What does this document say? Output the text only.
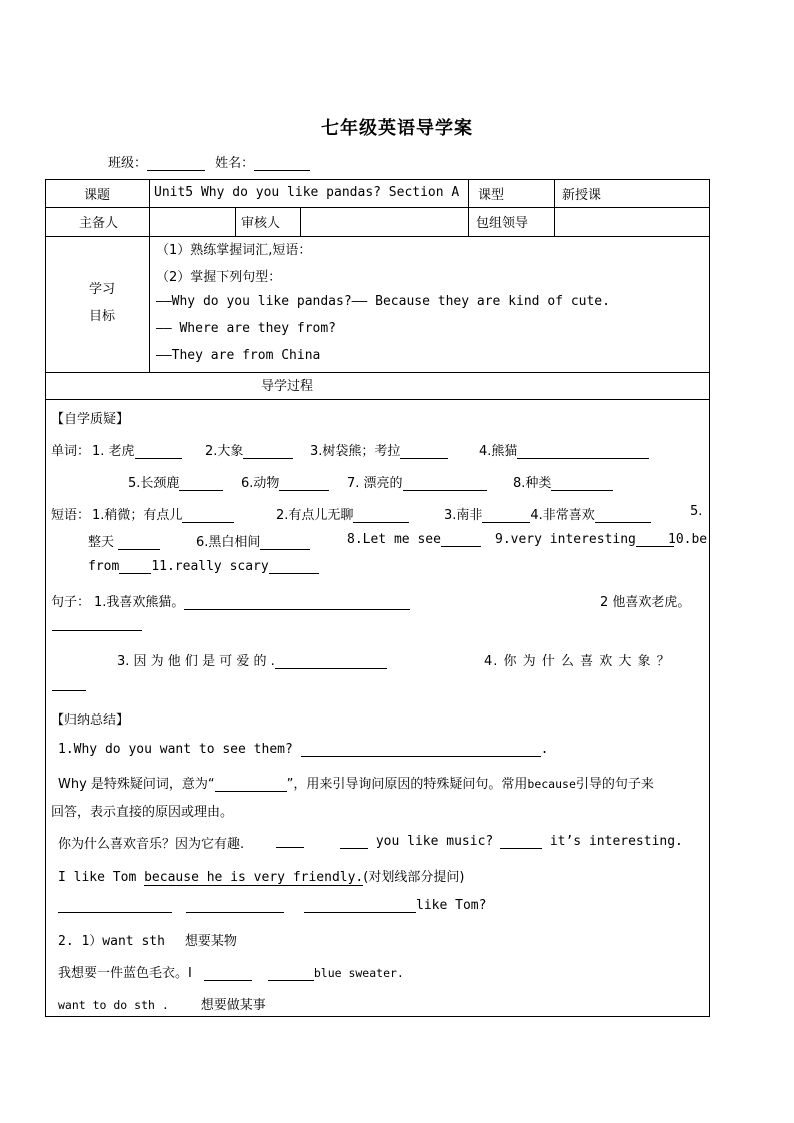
七年级英语导学案
班级：	姓名：
课题	Unit5 Why do you like pandas? Section A 课型	新授课
主备人	审核人	包组领导
学习
目标
（1）熟练掌握词汇,短语：
（2）掌握下列句型：
——Why do you like pandas?—— Because they are kind of cute.
—— Where are they from?
——They are from China
导学过程
【自学质疑】
单词： 1. 老虎	2.大象	3.树袋熊；考拉	4.熊猫
5.长颈鹿	6.动物	7. 漂亮的	8.种类
短语： 1.稍微；有点儿	2.有点儿无聊	3.南非	4.非常喜欢	5.
整天	6.黑白相间	8.Let me see	9.very interesting	10.be
from 11.really scary
句子： 1.我喜欢熊猫。	2 他喜欢老虎。
3. 因 为 他 们 是 可 爱 的 .	4. 你 为 什 么 喜 欢 大 象 ？
【归纳总结】
1.Why do you want to see them?	.
Why 是特殊疑问词，意为“	”，用来引导询问原因的特殊疑问句。常用because引导的句子来
回答，表示直接的原因或理由。
你为什么喜欢音乐？因为它有趣.	you like music?	it’s interesting.
I like Tom because he is very friendly.(对划线部分提问)
like Tom?
2. 1）want sth 想要某物
我想要一件蓝色毛衣。I	blue sweater.
want to do sth . 想要做某事
